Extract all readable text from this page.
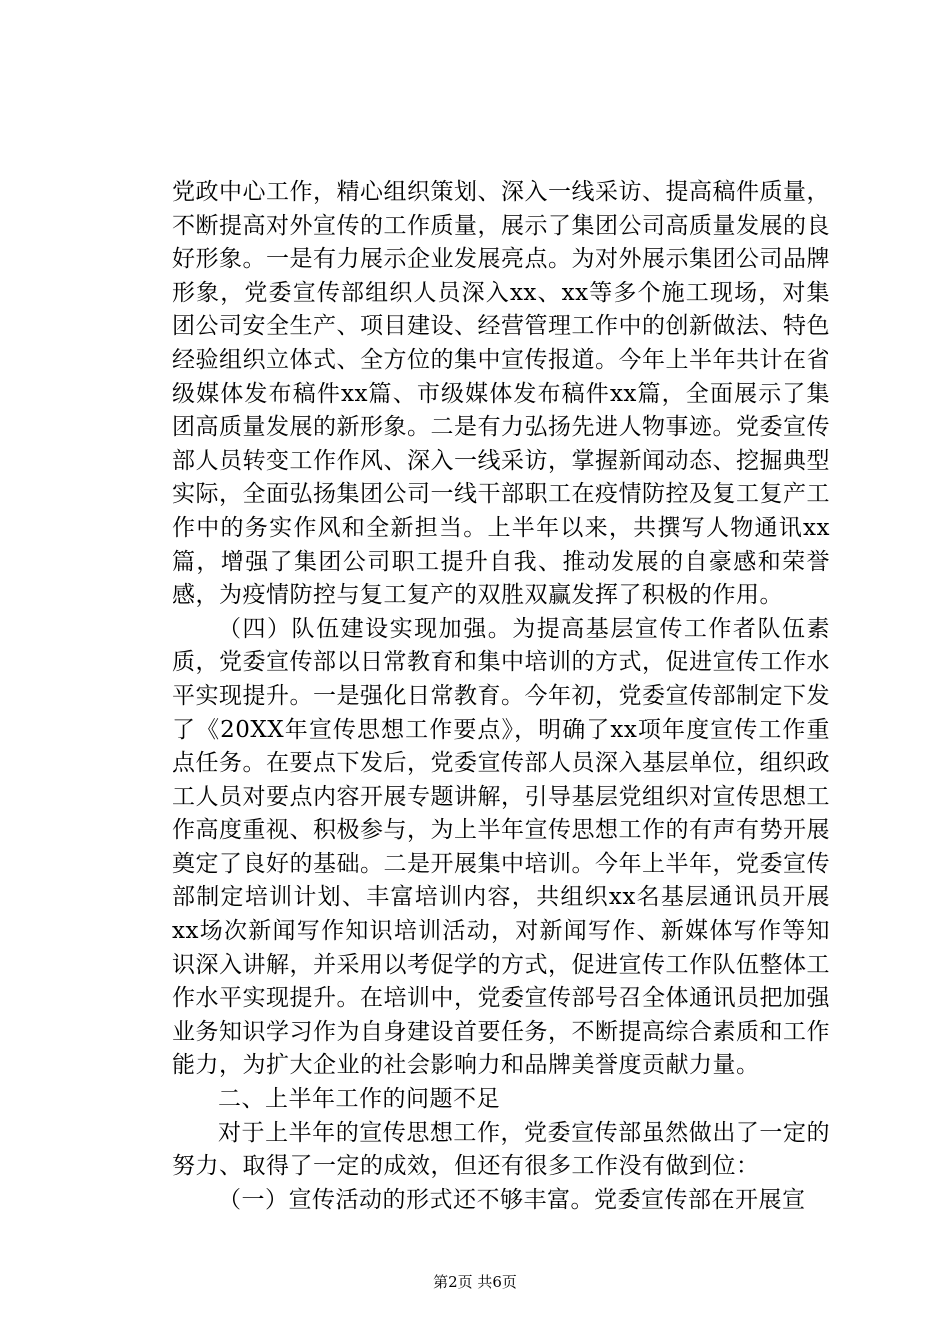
党政中心工作，精心组织策划、深入一线采访、提高稿件质量，不断提高对外宣传的工作质量，展示了集团公司高质量发展的良好形象。一是有力展示企业发展亮点。为对外展示集团公司品牌形象，党委宣传部组织人员深入xx、xx等多个施工现场，对集团公司安全生产、项目建设、经营管理工作中的创新做法、特色经验组织立体式、全方位的集中宣传报道。今年上半年共计在省级媒体发布稿件xx篇、市级媒体发布稿件xx篇，全面展示了集团高质量发展的新形象。二是有力弘扬先进人物事迹。党委宣传部人员转变工作作风、深入一线采访，掌握新闻动态、挖掘典型实际，全面弘扬集团公司一线干部职工在疫情防控及复工复产工作中的务实作风和全新担当。上半年以来，共撰写人物通讯xx篇，增强了集团公司职工提升自我、推动发展的自豪感和荣誉感，为疫情防控与复工复产的双胜双赢发挥了积极的作用。

（四）队伍建设实现加强。为提高基层宣传工作者队伍素质，党委宣传部以日常教育和集中培训的方式，促进宣传工作水平实现提升。一是强化日常教育。今年初，党委宣传部制定下发了《20XX年宣传思想工作要点》，明确了xx项年度宣传工作重点任务。在要点下发后，党委宣传部人员深入基层单位，组织政工人员对要点内容开展专题讲解，引导基层党组织对宣传思想工作高度重视、积极参与，为上半年宣传思想工作的有声有势开展奠定了良好的基础。二是开展集中培训。今年上半年，党委宣传部制定培训计划、丰富培训内容，共组织xx名基层通讯员开展xx场次新闻写作知识培训活动，对新闻写作、新媒体写作等知识深入讲解，并采用以考促学的方式，促进宣传工作队伍整体工作水平实现提升。在培训中，党委宣传部号召全体通讯员把加强业务知识学习作为自身建设首要任务，不断提高综合素质和工作能力，为扩大企业的社会影响力和品牌美誉度贡献力量。

二、上半年工作的问题不足

对于上半年的宣传思想工作，党委宣传部虽然做出了一定的努力、取得了一定的成效，但还有很多工作没有做到位：

（一）宣传活动的形式还不够丰富。党委宣传部在开展宣

第2页 共6页
